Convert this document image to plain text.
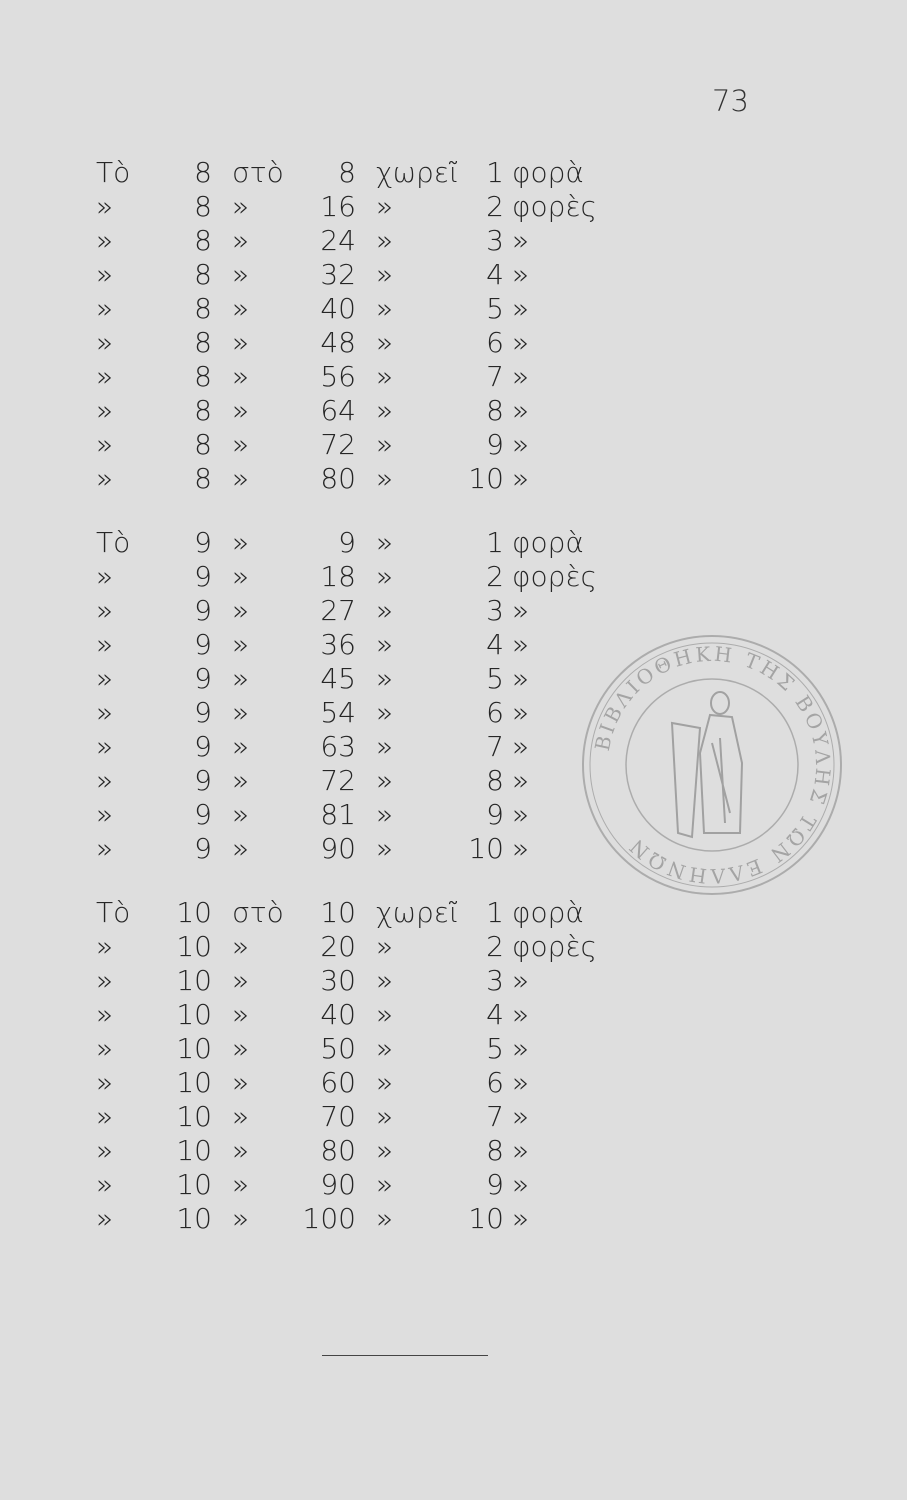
73
Τὸ	8 στὸ	8 χωρεῖ 1 φορὰ
»	8 »	16 »	2 φορὲς
»	8 »	24 »	3 »
»	8 »	32 »	4 »
»	8 »	40 »	5 »
»	8 »	48 »	6 »
»	8 »	56 »	7 »
»	8 »	64 »	8 »
»	8 »	72 »	9 »
»	8 »	80 »	10 »
Τὸ	9 »	9 »	1 φορὰ
»	9 »	18 »	2 φορὲς
»	9 »	27 »	3 »
»	9 »	36 »	4 »
»	9 »	45 »	5 »
»	9 »	54 »	6 »
»	9 »	63 »	7 »
»	9 »	72 »	8 »
»	9 »	81 »	9 »
»	9 »	90 »	10 »
Τὸ	10 στὸ	10 χωρεῖ 1 φορὰ
»	10 »	20 »	2 φορὲς
»	10 »	30 »	3 »
»	10 »	40 »	4 »
»	10 »	50 »	5 »
»	10 »	60 »	6 »
»	10 »	70 »	7 »
»	10 »	80 »	8 »
»	10 »	90 »	9 »
»	10 »	100 »	10 »
ΒΙΒΛΙΟΘΗΚΗ ΤΗΣ ΒΟΥΛΗΣ ΤΩΝ ΕΛΛΗΝΩΝ
